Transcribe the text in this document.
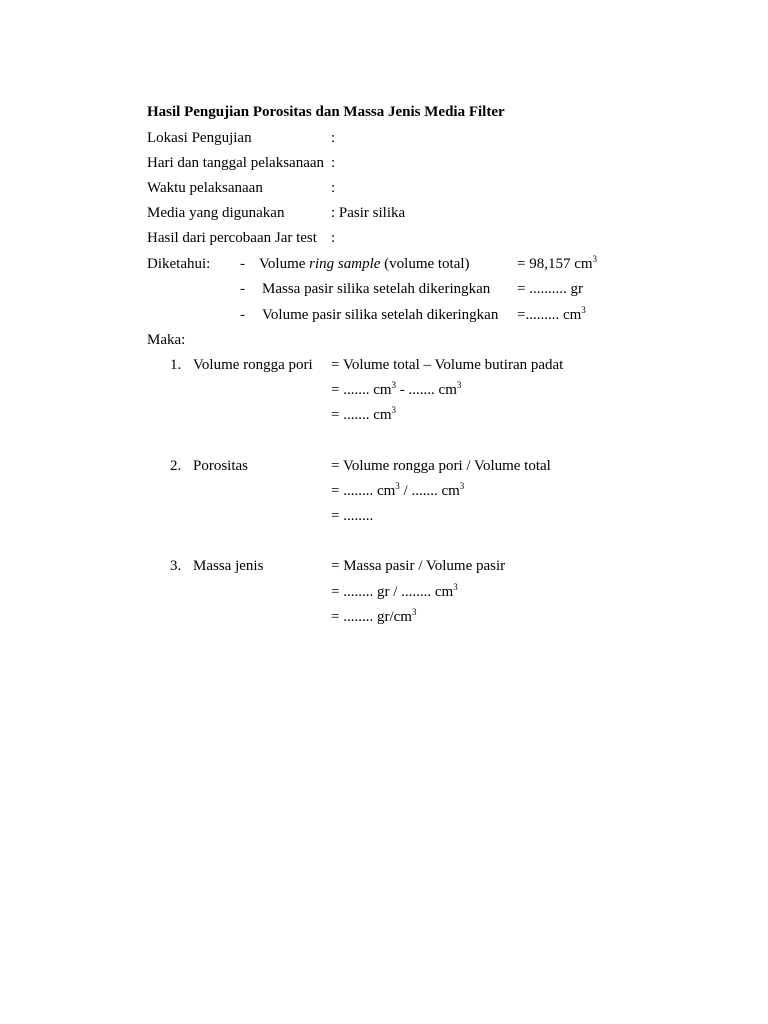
Hasil Pengujian Porositas dan Massa Jenis Media Filter
Lokasi Pengujian	:
Hari dan tanggal pelaksanaan :
Waktu pelaksanaan	:
Media yang digunakan	: Pasir silika
Hasil dari percobaan Jar test :
Diketahui: - Volume ring sample (volume total)	= 98,157 $cm^3$
- Massa pasir silika setelah dikeringkan = .......... gr
- Volume pasir silika setelah dikeringkan =......... $cm^3$
Maka:
1. Volume rongga pori = Volume total – Volume butiran padat
= ....... $cm^3$ - ....... $cm^3$
= ....... $cm^3$
2. Porositas	= Volume rongga pori / Volume total
= ........ $cm^3$ / ....... $cm^3$
= ........
3. Massa jenis	= Massa pasir / Volume pasir
= ........ gr / ........ $cm^3$
= ........ $gr/cm^3$
